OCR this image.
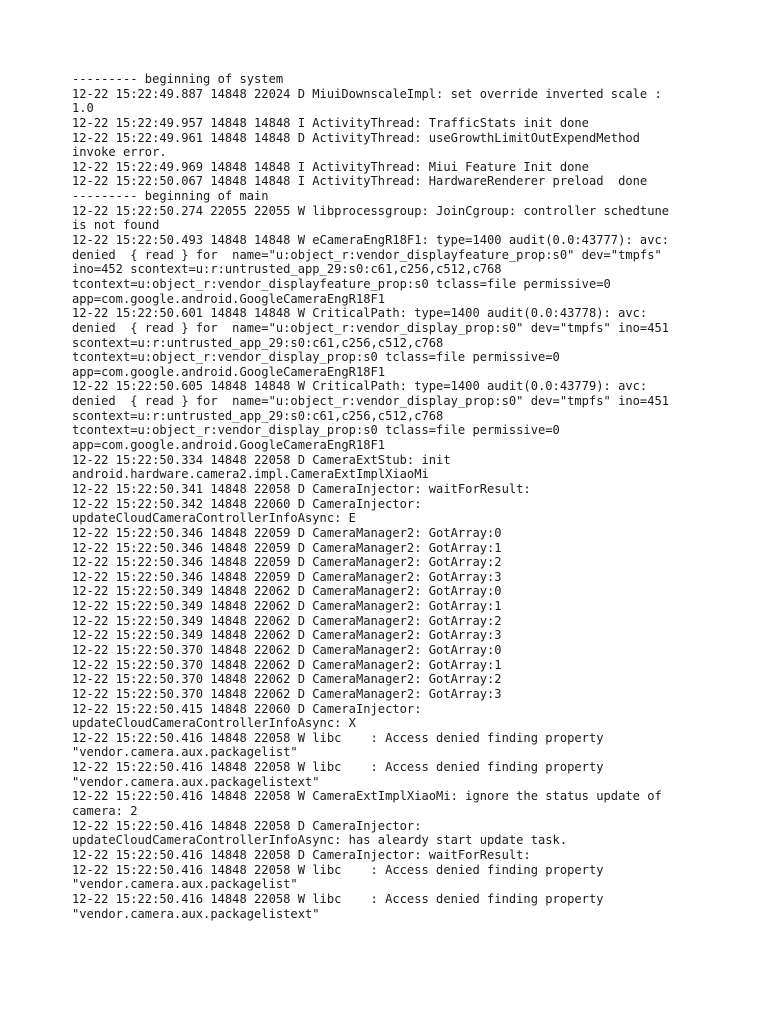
--------- beginning of system
12-22 15:22:49.887 14848 22024 D MiuiDownscaleImpl: set override inverted scale :
1.0
12-22 15:22:49.957 14848 14848 I ActivityThread: TrafficStats init done
12-22 15:22:49.961 14848 14848 D ActivityThread: useGrowthLimitOutExpendMethod
invoke error.
12-22 15:22:49.969 14848 14848 I ActivityThread: Miui Feature Init done
12-22 15:22:50.067 14848 14848 I ActivityThread: HardwareRenderer preload  done
--------- beginning of main
12-22 15:22:50.274 22055 22055 W libprocessgroup: JoinCgroup: controller schedtune
is not found
12-22 15:22:50.493 14848 14848 W eCameraEngR18F1: type=1400 audit(0.0:43777): avc:
denied  { read } for  name="u:object_r:vendor_displayfeature_prop:s0" dev="tmpfs"
ino=452 scontext=u:r:untrusted_app_29:s0:c61,c256,c512,c768
tcontext=u:object_r:vendor_displayfeature_prop:s0 tclass=file permissive=0
app=com.google.android.GoogleCameraEngR18F1
12-22 15:22:50.601 14848 14848 W CriticalPath: type=1400 audit(0.0:43778): avc:
denied  { read } for  name="u:object_r:vendor_display_prop:s0" dev="tmpfs" ino=451
scontext=u:r:untrusted_app_29:s0:c61,c256,c512,c768
tcontext=u:object_r:vendor_display_prop:s0 tclass=file permissive=0
app=com.google.android.GoogleCameraEngR18F1
12-22 15:22:50.605 14848 14848 W CriticalPath: type=1400 audit(0.0:43779): avc:
denied  { read } for  name="u:object_r:vendor_display_prop:s0" dev="tmpfs" ino=451
scontext=u:r:untrusted_app_29:s0:c61,c256,c512,c768
tcontext=u:object_r:vendor_display_prop:s0 tclass=file permissive=0
app=com.google.android.GoogleCameraEngR18F1
12-22 15:22:50.334 14848 22058 D CameraExtStub: init
android.hardware.camera2.impl.CameraExtImplXiaoMi
12-22 15:22:50.341 14848 22058 D CameraInjector: waitForResult:
12-22 15:22:50.342 14848 22060 D CameraInjector:
updateCloudCameraControllerInfoAsync: E
12-22 15:22:50.346 14848 22059 D CameraManager2: GotArray:0
12-22 15:22:50.346 14848 22059 D CameraManager2: GotArray:1
12-22 15:22:50.346 14848 22059 D CameraManager2: GotArray:2
12-22 15:22:50.346 14848 22059 D CameraManager2: GotArray:3
12-22 15:22:50.349 14848 22062 D CameraManager2: GotArray:0
12-22 15:22:50.349 14848 22062 D CameraManager2: GotArray:1
12-22 15:22:50.349 14848 22062 D CameraManager2: GotArray:2
12-22 15:22:50.349 14848 22062 D CameraManager2: GotArray:3
12-22 15:22:50.370 14848 22062 D CameraManager2: GotArray:0
12-22 15:22:50.370 14848 22062 D CameraManager2: GotArray:1
12-22 15:22:50.370 14848 22062 D CameraManager2: GotArray:2
12-22 15:22:50.370 14848 22062 D CameraManager2: GotArray:3
12-22 15:22:50.415 14848 22060 D CameraInjector:
updateCloudCameraControllerInfoAsync: X
12-22 15:22:50.416 14848 22058 W libc    : Access denied finding property
"vendor.camera.aux.packagelist"
12-22 15:22:50.416 14848 22058 W libc    : Access denied finding property
"vendor.camera.aux.packagelistext"
12-22 15:22:50.416 14848 22058 W CameraExtImplXiaoMi: ignore the status update of
camera: 2
12-22 15:22:50.416 14848 22058 D CameraInjector:
updateCloudCameraControllerInfoAsync: has aleardy start update task.
12-22 15:22:50.416 14848 22058 D CameraInjector: waitForResult:
12-22 15:22:50.416 14848 22058 W libc    : Access denied finding property
"vendor.camera.aux.packagelist"
12-22 15:22:50.416 14848 22058 W libc    : Access denied finding property
"vendor.camera.aux.packagelistext"
